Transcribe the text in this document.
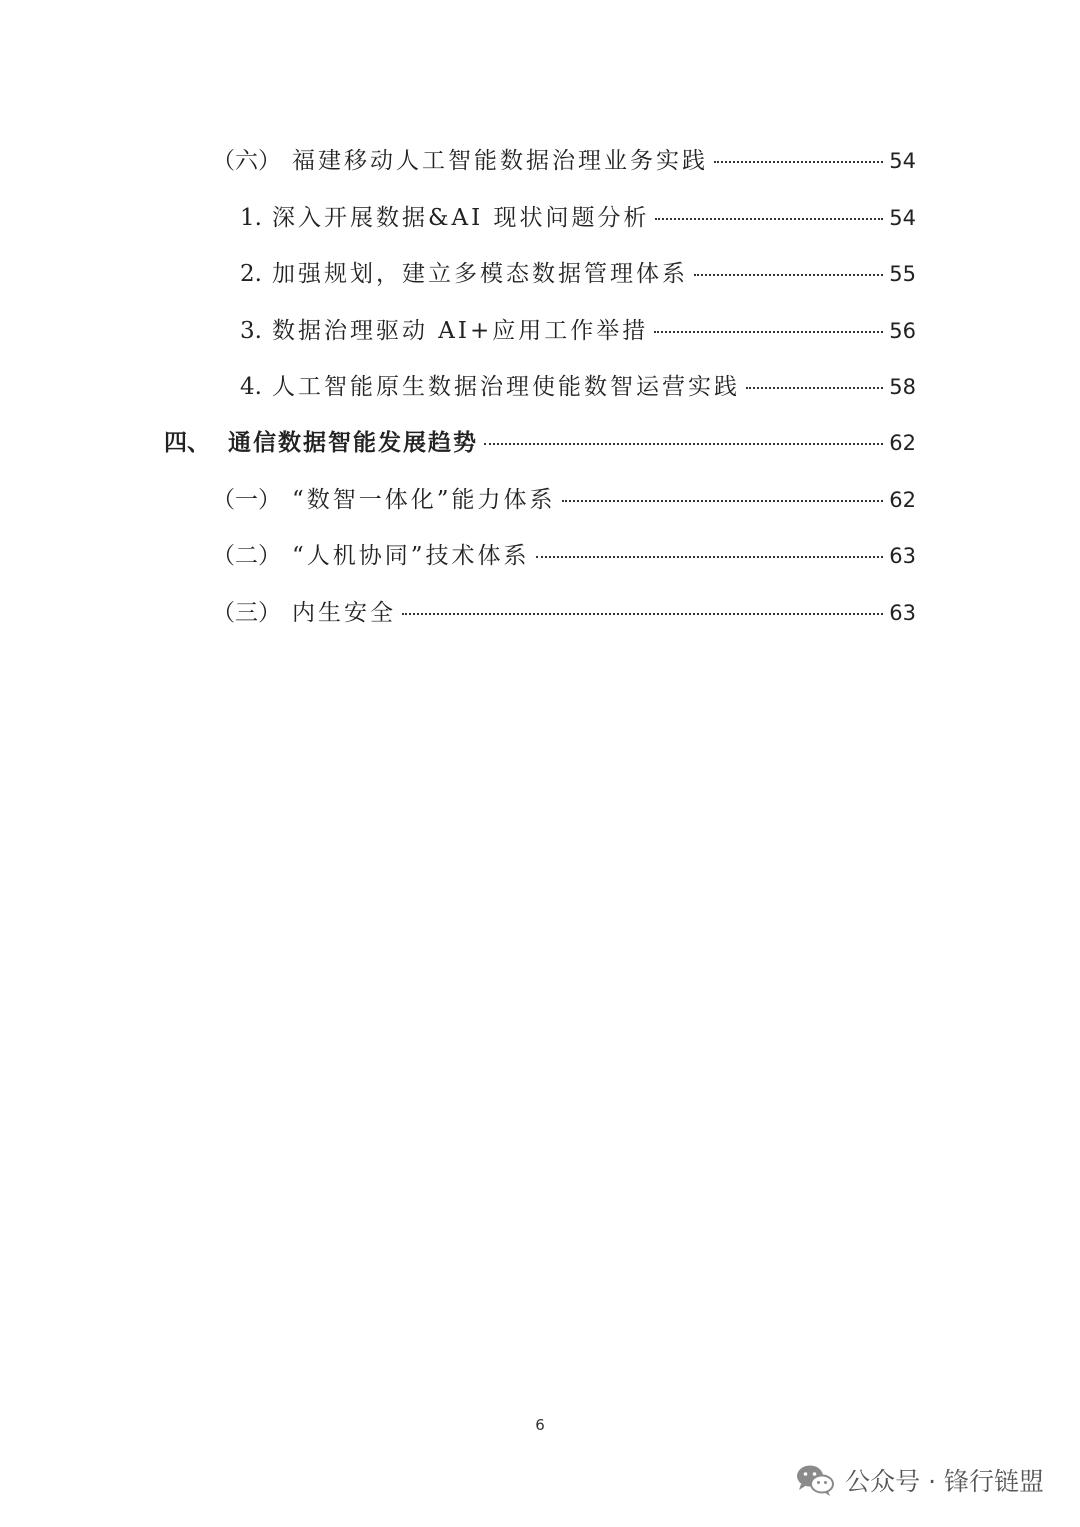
（六） 福建移动人工智能数据治理业务实践	54
1. 深入开展数据&AI 现状问题分析	54
2. 加强规划，建立多模态数据管理体系	55
3. 数据治理驱动 AI+应用工作举措	56
4. 人工智能原生数据治理使能数智运营实践	58
四、 通信数据智能发展趋势	62
（一） “数智一体化”能力体系	62
（二） “人机协同”技术体系	63
（三） 内生安全	63
6
公众号 · 锋行链盟
